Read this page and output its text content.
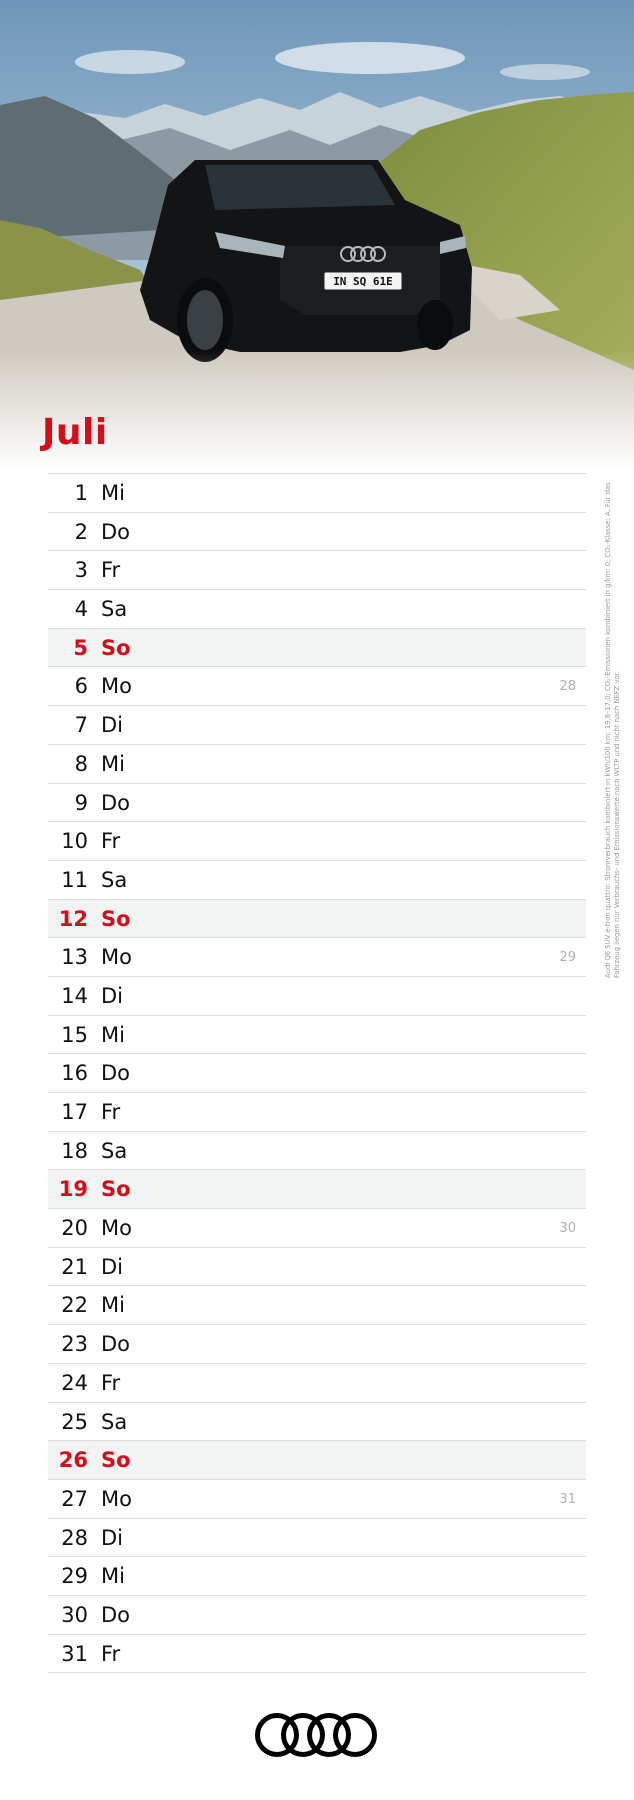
IN SQ 61E
Juli
Audi Q6 SUV e-tron quattro: Stromverbrauch kombiniert in kWh/100 km: 19,8–17,0; CO₂-Emissionen kombiniert in g/km: 0; CO₂-Klasse: A. Für das Fahrzeug liegen nur Verbrauchs- und Emissionswerte nach WLTP und nicht nach NEFZ vor.
1 Mi
2 Do
3 Fr
4 Sa
5 So
6 Mo	28
7 Di
8 Mi
9 Do
10 Fr
11 Sa
12 So
13 Mo	29
14 Di
15 Mi
16 Do
17 Fr
18 Sa
19 So
20 Mo	30
21 Di
22 Mi
23 Do
24 Fr
25 Sa
26 So
27 Mo	31
28 Di
29 Mi
30 Do
31 Fr
